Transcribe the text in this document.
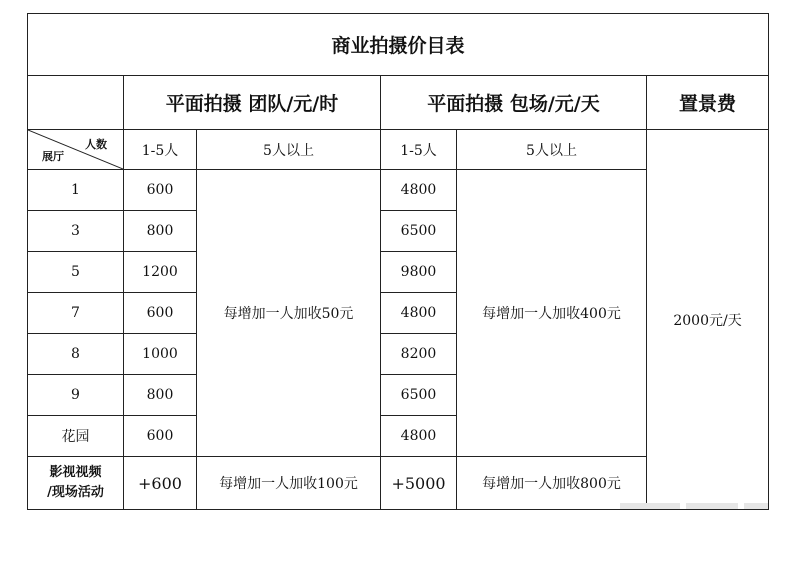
商业拍摄价目表					
	平面拍摄 团队/元/时		平面拍摄 包场/元/天		置景费

人数
展厅	1-5人	5人以上	1-5人	5人以上	2000元/天
1	600	每增加一人加收50元	4800	每增加一人加收400元	
3	800		6500		
5	1200		9800		
7	600		4800		
8	1000		8200		
9	800		6500		
花园	600		4800		
影视视频
/现场活动	+600	每增加一人加收100元	+5000	每增加一人加收800元	
